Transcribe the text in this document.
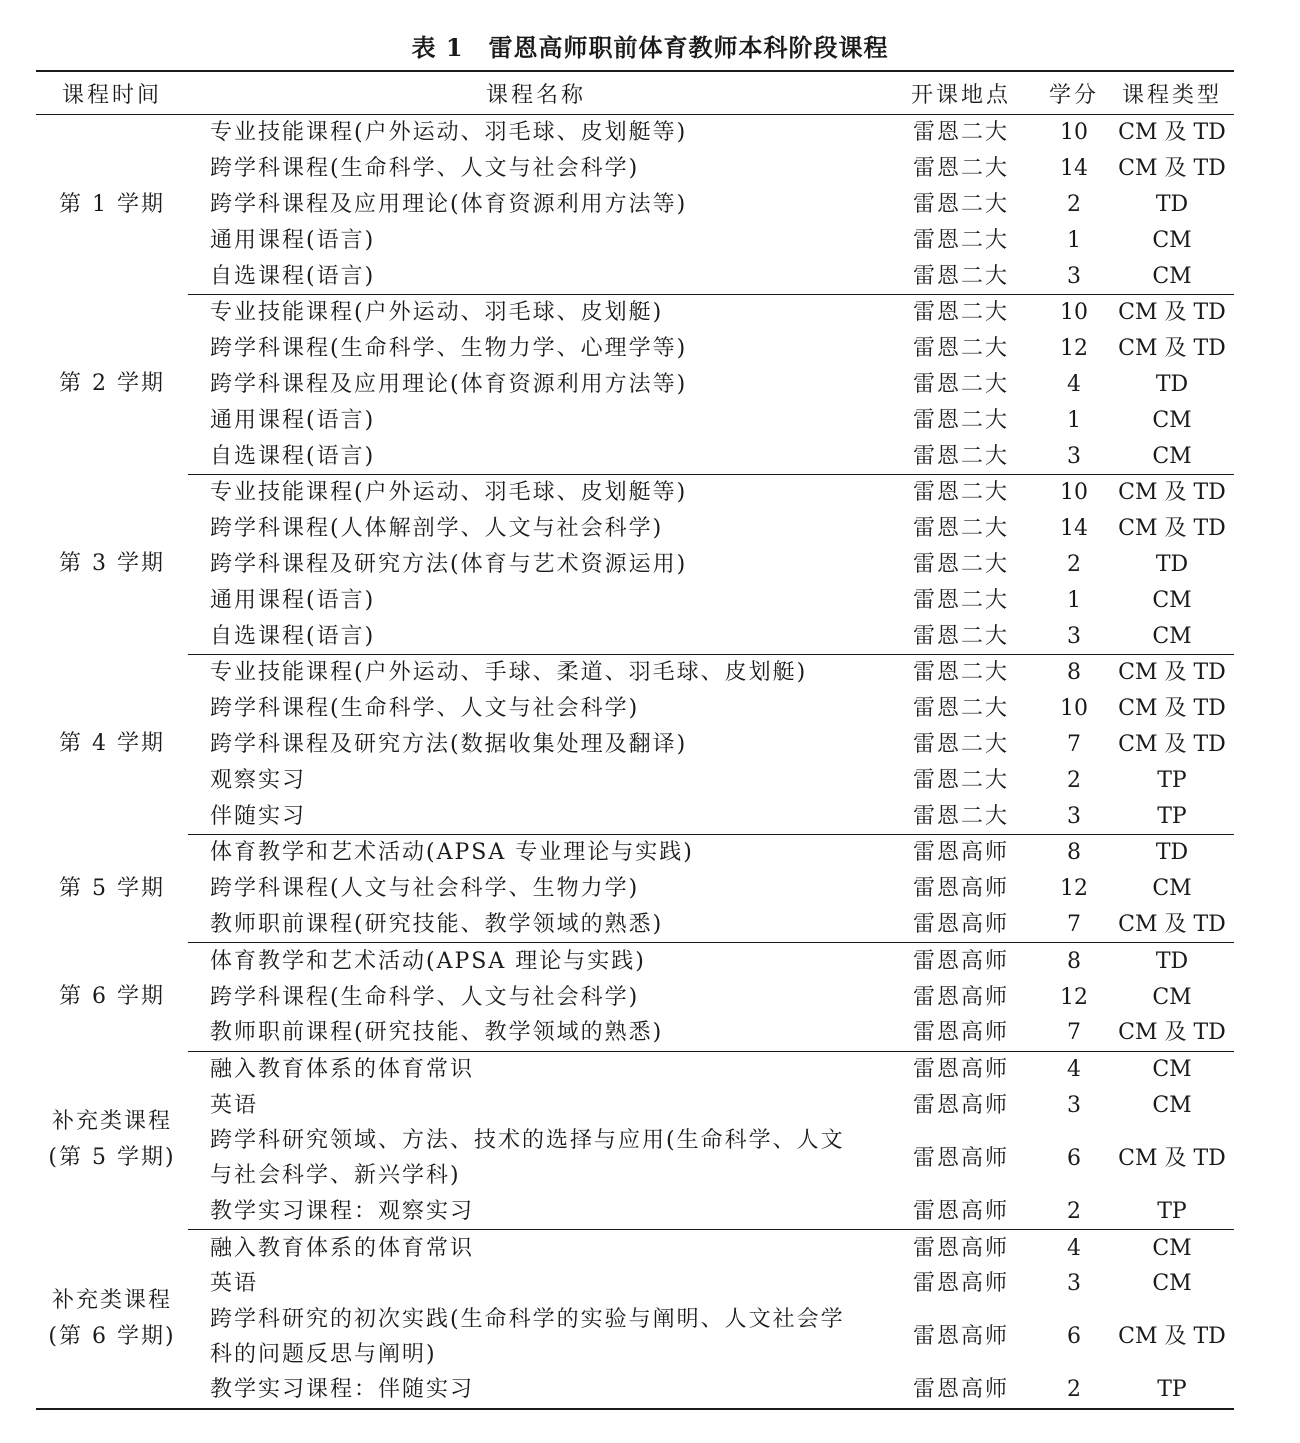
表 1　雷恩高师职前体育教师本科阶段课程
课程时间	课程名称	开课地点	学分	课程类型
第 1 学期	专业技能课程(户外运动、羽毛球、皮划艇等)	雷恩二大	10	CM 及 TD
	跨学科课程(生命科学、人文与社会科学)	雷恩二大	14	CM 及 TD
	跨学科课程及应用理论(体育资源利用方法等)	雷恩二大	2	TD
	通用课程(语言)	雷恩二大	1	CM
	自选课程(语言)	雷恩二大	3	CM
第 2 学期	专业技能课程(户外运动、羽毛球、皮划艇)	雷恩二大	10	CM 及 TD
	跨学科课程(生命科学、生物力学、心理学等)	雷恩二大	12	CM 及 TD
	跨学科课程及应用理论(体育资源利用方法等)	雷恩二大	4	TD
	通用课程(语言)	雷恩二大	1	CM
	自选课程(语言)	雷恩二大	3	CM
第 3 学期	专业技能课程(户外运动、羽毛球、皮划艇等)	雷恩二大	10	CM 及 TD
	跨学科课程(人体解剖学、人文与社会科学)	雷恩二大	14	CM 及 TD
	跨学科课程及研究方法(体育与艺术资源运用)	雷恩二大	2	TD
	通用课程(语言)	雷恩二大	1	CM
	自选课程(语言)	雷恩二大	3	CM
第 4 学期	专业技能课程(户外运动、手球、柔道、羽毛球、皮划艇)	雷恩二大	8	CM 及 TD
	跨学科课程(生命科学、人文与社会科学)	雷恩二大	10	CM 及 TD
	跨学科课程及研究方法(数据收集处理及翻译)	雷恩二大	7	CM 及 TD
	观察实习	雷恩二大	2	TP
	伴随实习	雷恩二大	3	TP
第 5 学期	体育教学和艺术活动(APSA 专业理论与实践)	雷恩高师	8	TD
	跨学科课程(人文与社会科学、生物力学)	雷恩高师	12	CM
	教师职前课程(研究技能、教学领域的熟悉)	雷恩高师	7	CM 及 TD
第 6 学期	体育教学和艺术活动(APSA 理论与实践)	雷恩高师	8	TD
	跨学科课程(生命科学、人文与社会科学)	雷恩高师	12	CM
	教师职前课程(研究技能、教学领域的熟悉)	雷恩高师	7	CM 及 TD
补充类课程(第 5 学期)	融入教育体系的体育常识	雷恩高师	4	CM
	英语	雷恩高师	3	CM
	跨学科研究领域、方法、技术的选择与应用(生命科学、人文与社会科学、新兴学科)	雷恩高师	6	CM 及 TD
	教学实习课程：观察实习	雷恩高师	2	TP
补充类课程(第 6 学期)	融入教育体系的体育常识	雷恩高师	4	CM
	英语	雷恩高师	3	CM
	跨学科研究的初次实践(生命科学的实验与阐明、人文社会学科的问题反思与阐明)	雷恩高师	6	CM 及 TD
	教学实习课程：伴随实习	雷恩高师	2	TP
